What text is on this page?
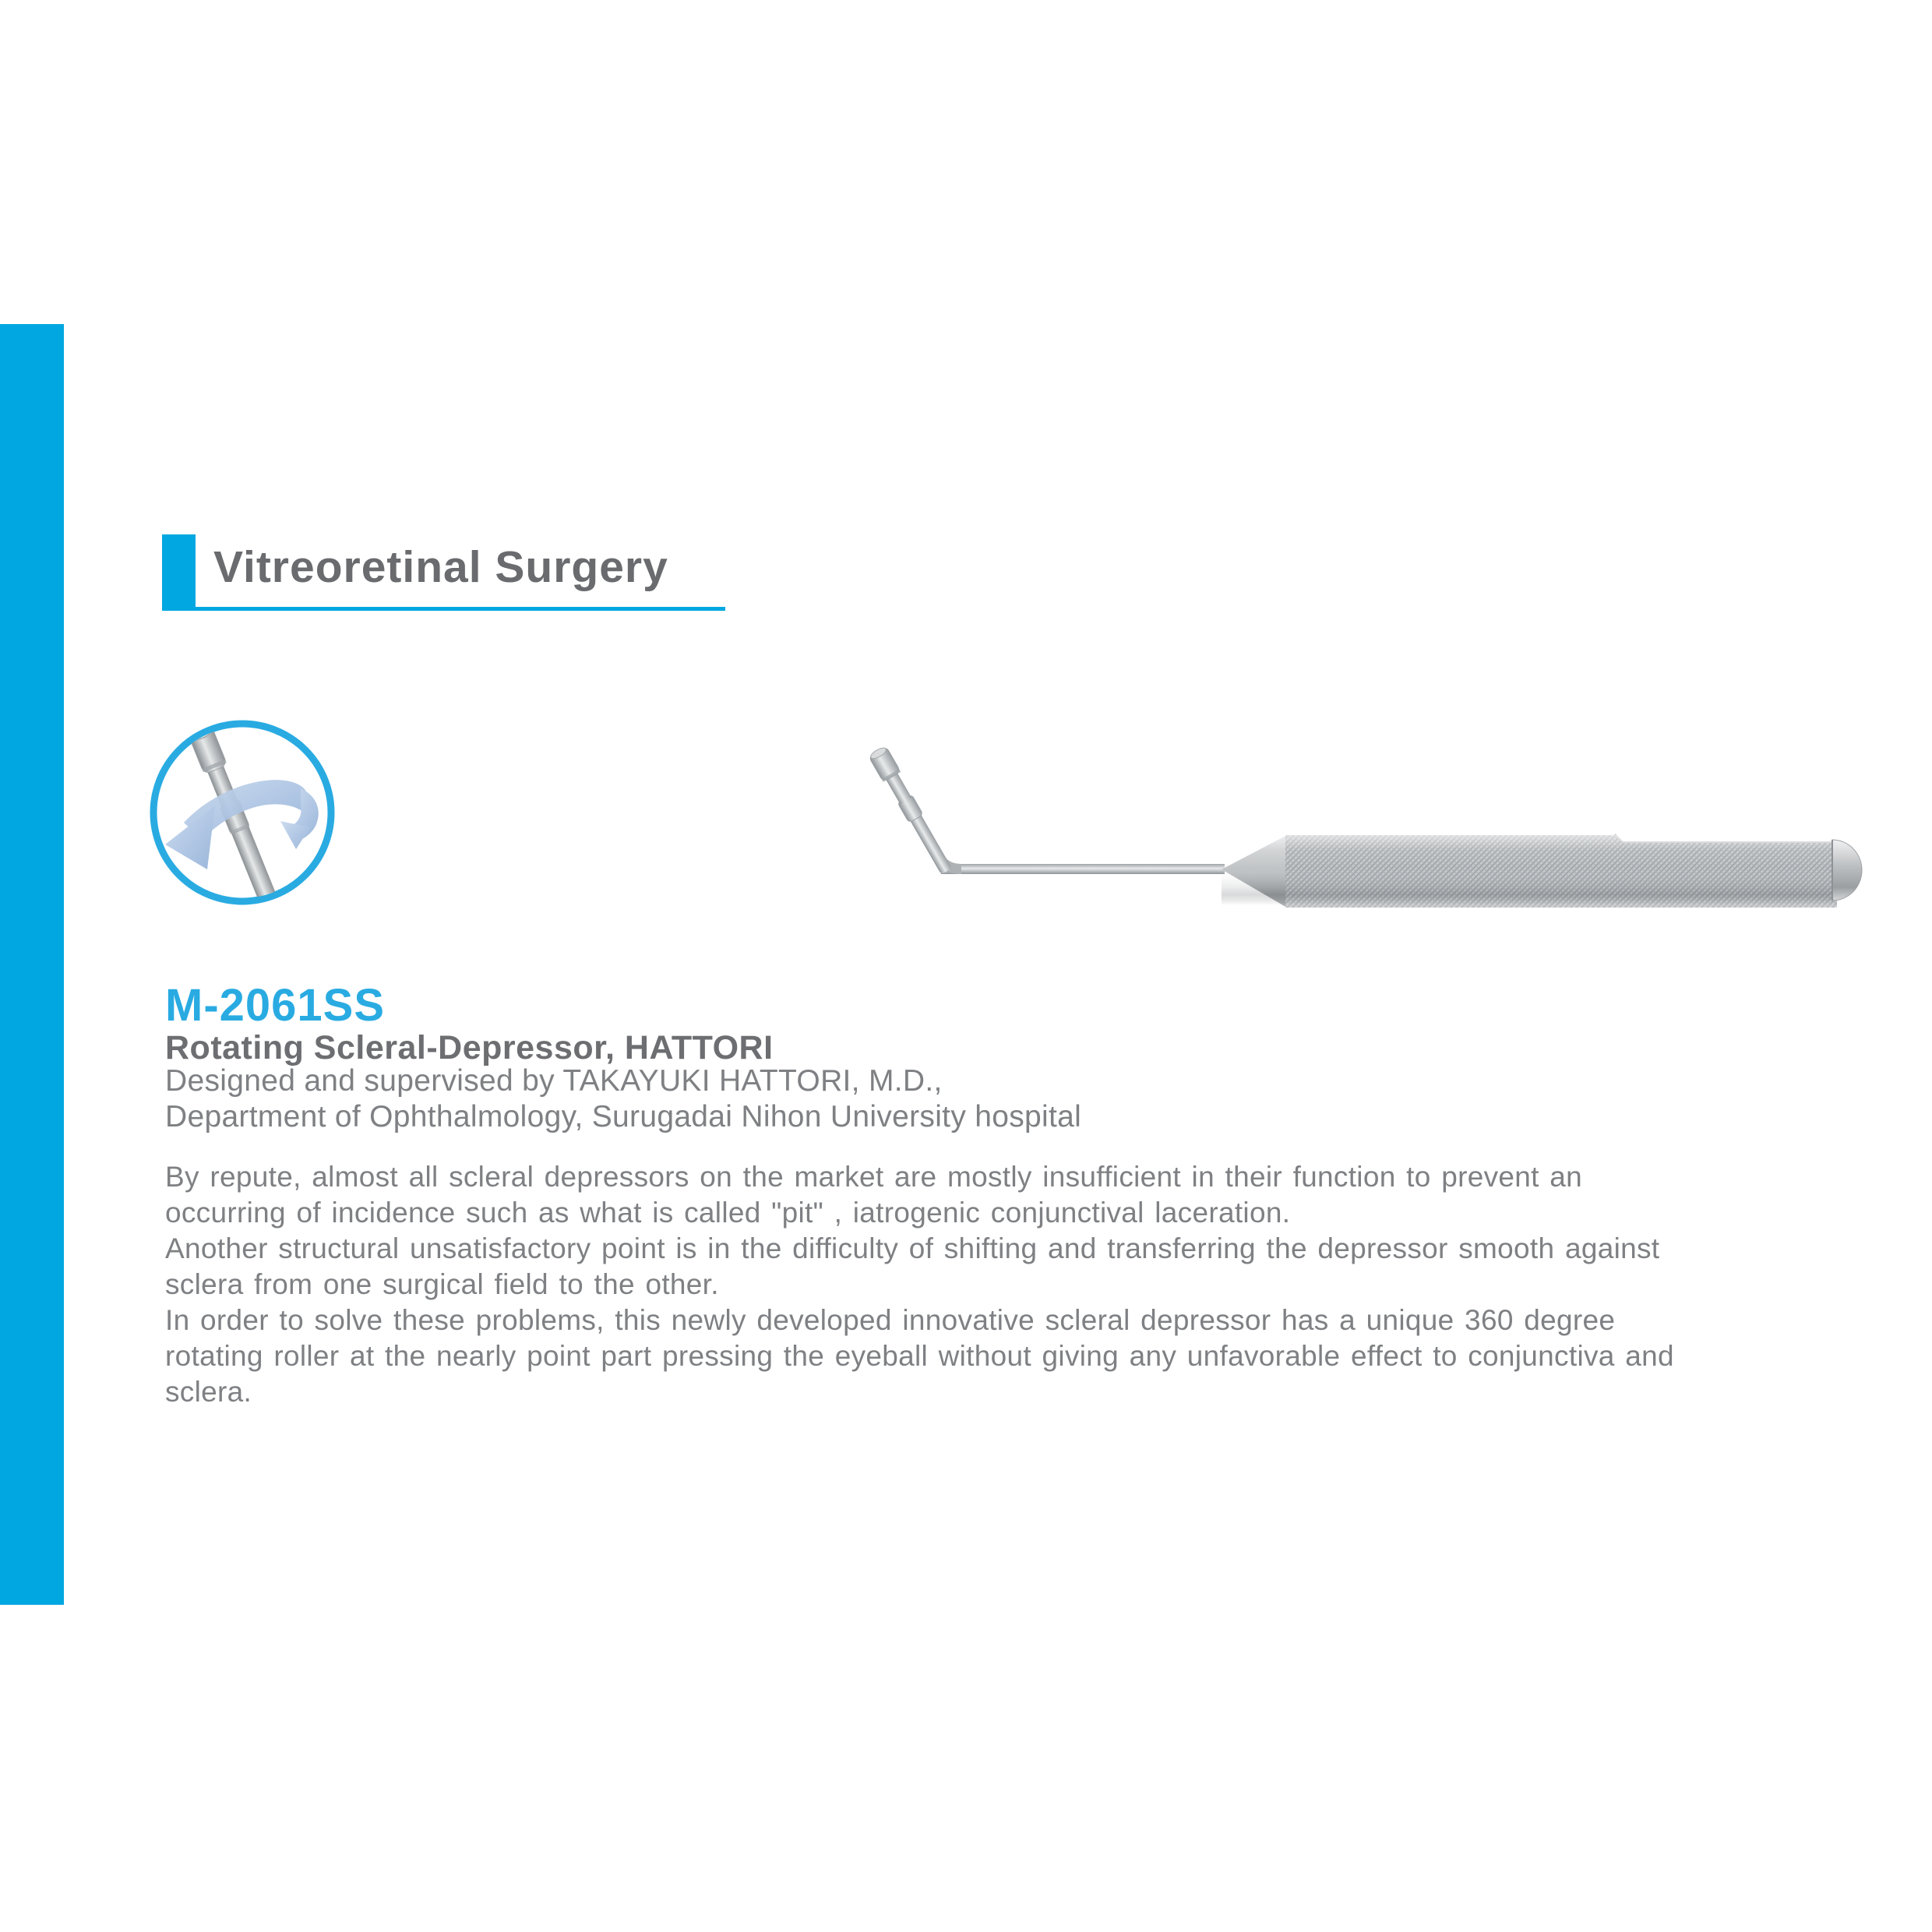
Vitreoretinal Surgery
M-2061SS
Rotating Scleral-Depressor, HATTORI
Designed and supervised by TAKAYUKI HATTORI, M.D.,
Department of Ophthalmology, Surugadai Nihon University hospital
By repute, almost all scleral depressors on the market are mostly insufficient in their function to prevent an
occurring of incidence such as what is called "pit" , iatrogenic conjunctival laceration.
Another structural unsatisfactory point is in the difficulty of shifting and transferring the depressor smooth against
sclera from one surgical field to the other.
In order to solve these problems, this newly developed innovative scleral depressor has a unique 360 degree
rotating roller at the nearly point part pressing the eyeball without giving any unfavorable effect to conjunctiva and
sclera.
